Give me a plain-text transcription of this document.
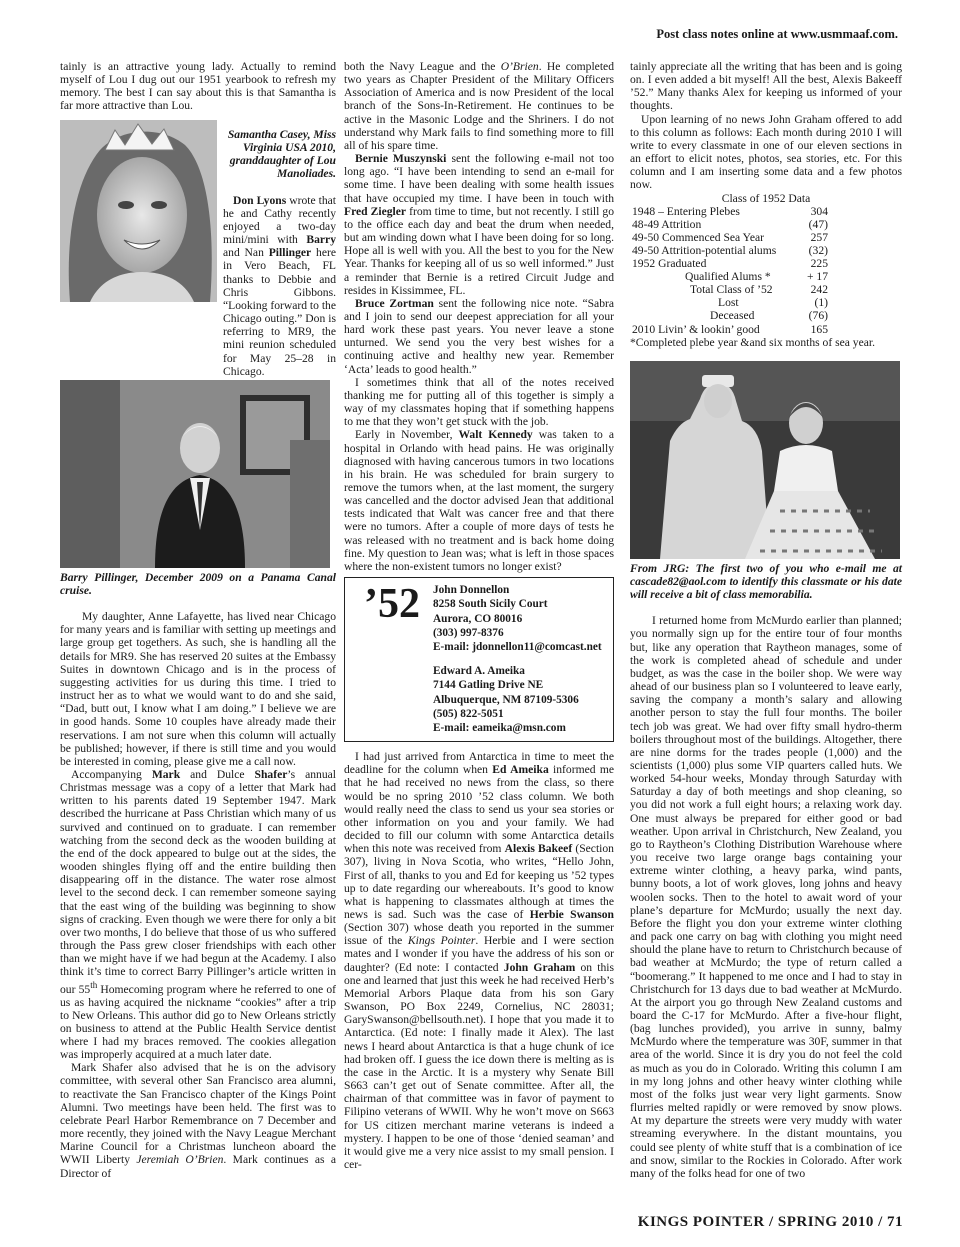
Post class notes online at www.usmmaaf.com.

tainly is an attractive young lady. Actually to remind myself of Lou I dug out our 1951 yearbook to refresh my memory. The best I can say about this is that Samantha is far more attractive than Lou.

Samantha Casey, Miss Virginia USA 2010, granddaughter of Lou Manoliades.

Don Lyons wrote that he and Cathy recently enjoyed a two-day mini/mini with Barry and Nan Pillinger here in Vero Beach, FL thanks to Debbie and Chris Gibbons. “Looking forward to the Chicago outing.” Don is referring to MR9, the mini reunion scheduled for May 25–28 in Chicago.

Barry Pillinger, December 2009 on a Panama Canal cruise.

My daughter, Anne Lafayette, has lived near Chicago for many years and is familiar with setting up meetings and large group get togethers. As such, she is handling all the details for MR9. She has reserved 20 suites at the Embassy Suites in downtown Chicago and is in the process of suggesting activities for us during this time. I tried to instruct her as to what we would want to do and she said, “Dad, butt out, I know what I am doing.” I believe we are in good hands. Some 10 couples have already made their reservations. I am not sure when this column will actually be published; however, if there is still time and you would be interested in coming, please give me a call now.

Accompanying Mark and Dulce Shafer’s annual Christmas message was a copy of a letter that Mark had written to his parents dated 19 September 1947. Mark described the hurricane at Pass Christian which many of us survived and continued on to graduate. I can remember watching from the second deck as the wooden building at the end of the dock appeared to bulge out at the sides, the wooden shingles flying off and the entire building then disappearing off in the distance. The water rose almost level to the second deck. I can remember someone saying that the east wing of the building was beginning to show signs of cracking. Even though we were there for only a bit over two months, I do believe that those of us who suffered through the Pass grew closer friendships with each other than we might have if we had begun at the Academy. I also think it’s time to correct Barry Pillinger’s article written in our 55th Homecoming program where he referred to one of us as having acquired the nickname “cookies” after a trip to New Orleans. This author did go to New Orleans strictly on business to attend at the Public Health Service dentist where I had my braces removed. The cookies allegation was improperly acquired at a much later date.

Mark Shafer also advised that he is on the advisory committee, with several other San Francisco area alumni, to reactivate the San Francisco chapter of the Kings Point Alumni. Two meetings have been held. The first was to celebrate Pearl Harbor Remembrance on 7 December and more recently, they joined with the Navy League Merchant Marine Council for a Christmas luncheon aboard the WWII Liberty Jeremiah O’Brien. Mark continues as a Director of

both the Navy League and the O’Brien. He completed two years as Chapter President of the Military Officers Association of America and is now President of the local branch of the Sons-In-Retirement. He continues to be active in the Masonic Lodge and the Shriners. I do not understand why Mark fails to find something more to fill all of his spare time.

Bernie Muszynski sent the following e-mail not too long ago. “I have been intending to send an e-mail for some time. I have been dealing with some health issues that have occupied my time. I have been in touch with Fred Ziegler from time to time, but not recently. I still go to the office each day and beat the drum when needed, but am winding down what I have been doing for so long. Hope all is well with you. All the best to you for the New Year. Thanks for keeping all of us so well informed.” Just a reminder that Bernie is a retired Circuit Judge and resides in Kissimmee, FL.

Bruce Zortman sent the following nice note. “Sabra and I join to send our deepest appreciation for all your hard work these past years. You never leave a stone unturned. We send you the very best wishes for a continuing active and healthy new year. Remember ‘Acta’ leads to good health.”

I sometimes think that all of the notes received thanking me for putting all of this together is simply a way of my classmates hoping that if something happens to me that they won’t get stuck with the job.

Early in November, Walt Kennedy was taken to a hospital in Orlando with head pains. He was originally diagnosed with having cancerous tumors in two locations in his brain. He was scheduled for brain surgery to remove the tumors when, at the last moment, the surgery was cancelled and the doctor advised Jean that additional tests indicated that Walt was cancer free and that there were no tumors. After a couple of more days of tests he was released with no treatment and is back home doing fine. My question to Jean was; what is left in those spaces where the non-existent tumors no longer exist?

’52	John Donnellon
8258 South Sicily Court
Aurora, CO 80016
(303) 997-8376
E-mail: jdonnellon11@comcast.net
Edward A. Ameika
7144 Gatling Drive NE
Albuquerque, NM 87109-5306
(505) 822-5051
E-mail: eameika@msn.com

I had just arrived from Antarctica in time to meet the deadline for the column when Ed Ameika informed me that he had received no news from the class, so there would be no spring 2010 ’52 class column. We both would really need the class to send us your sea stories or other information on you and your family. We had decided to fill our column with some Antarctica details when this note was received from Alexis Bakeef (Section 307), living in Nova Scotia, who writes, “Hello John, First of all, thanks to you and Ed for keeping us ’52 types up to date regarding our whereabouts. It’s good to know what is happening to classmates although at times the news is sad. Such was the case of Herbie Swanson (Section 307) whose death you reported in the summer issue of the Kings Pointer. Herbie and I were section mates and I wonder if you have the address of his son or daughter? (Ed note: I contacted John Graham on this one and learned that just this week he had received Herb’s Memorial Arbors Plaque data from his son Gary Swanson, PO Box 2249, Cornelius, NC 28031; GarySwanson@bellsouth.net). I hope that you made it to Antarctica. (Ed note: I finally made it Alex). The last news I heard about Antarctica is that a huge chunk of ice had broken off. I guess the ice down there is melting as is the case in the Arctic. It is a mystery why Senate Bill S663 can’t get out of Senate committee. After all, the chairman of that committee was in favor of payment to Filipino veterans of WWII. Why he won’t move on S663 for US citizen merchant marine veterans is indeed a mystery. I happen to be one of those ‘denied seaman’ and it would give me a very nice assist to my small pension. I cer-

tainly appreciate all the writing that has been and is going on. I even added a bit myself! All the best, Alexis Bakeeff ’52.” Many thanks Alex for keeping us informed of your thoughts.

Upon learning of no news John Graham offered to add to this column as follows: Each month during 2010 I will write to every classmate in one of our eleven sections in an effort to elicit notes, photos, sea stories, etc. For this column and I am inserting some data and a few photos now.

Class of 1952 Data
1948 – Entering Plebes	304
48-49 Attrition	(47)
49-50 Commenced Sea Year	257
49-50 Attrition-potential alums	(32)
1952 Graduated	225
Qualified Alums *	+ 17
Total Class of ’52	242
Lost	(1)
Deceased	(76)
2010 Livin’ & lookin’ good	165
*Completed plebe year &and six months of sea year.

From JRG: The first two of you who e-mail me at cascade82@aol.com to identify this classmate or his date will receive a bit of class memorabilia.

I returned home from McMurdo earlier than planned; you normally sign up for the entire tour of four months but, like any operation that Raytheon manages, some of the work is completed ahead of schedule and under budget, as was the case in the boiler shop. We were way ahead of our business plan so I volunteered to leave early, saving the company a month’s salary and allowing another person to stay the full four months. The boiler tech job was great. We had over fifty small hydro-therm boilers throughout most of the buildings. Altogether, there are nine dorms for the trades people (1,000) and the scientists (1,000) plus some VIP quarters called huts. We worked 54-hour weeks, Monday through Saturday with Saturday a day of both meetings and shop cleaning, so you did not work a full eight hours; a relaxing work day. One must always be prepared for either good or bad weather. Upon arrival in Christchurch, New Zealand, you go to Raytheon’s Clothing Distribution Warehouse where you receive two large orange bags containing your extreme winter clothing, a heavy parka, wind pants, bunny boots, a lot of work gloves, long johns and heavy woolen socks. Then to the hotel to await word of your plane’s departure for McMurdo; usually the next day. Before the flight you don your extreme winter clothing and pack one carry on bag with clothing you might need should the plane have to return to Christchurch because of bad weather at McMurdo; the type of return called a “boomerang.” It happened to me once and I had to stay in Christchurch for 13 days due to bad weather at McMurdo. At the airport you go through New Zealand customs and board the C-17 for McMurdo. After a five-hour flight, (bag lunches provided), you arrive in sunny, balmy McMurdo where the temperature was 30F, summer in that area of the world. Since it is dry you do not feel the cold as much as you do in Colorado. Writing this column I am in my long johns and other heavy winter clothing while most of the folks just wear very light garments. Snow flurries melted rapidly or were removed by snow plows. At my departure the streets were very muddy with water streaming everywhere. In the distant mountains, you could see plenty of white stuff that is a combination of ice and snow, similar to the Rockies in Colorado. After work many of the folks head for one of two

KINGS POINTER / SPRING 2010 / 71
